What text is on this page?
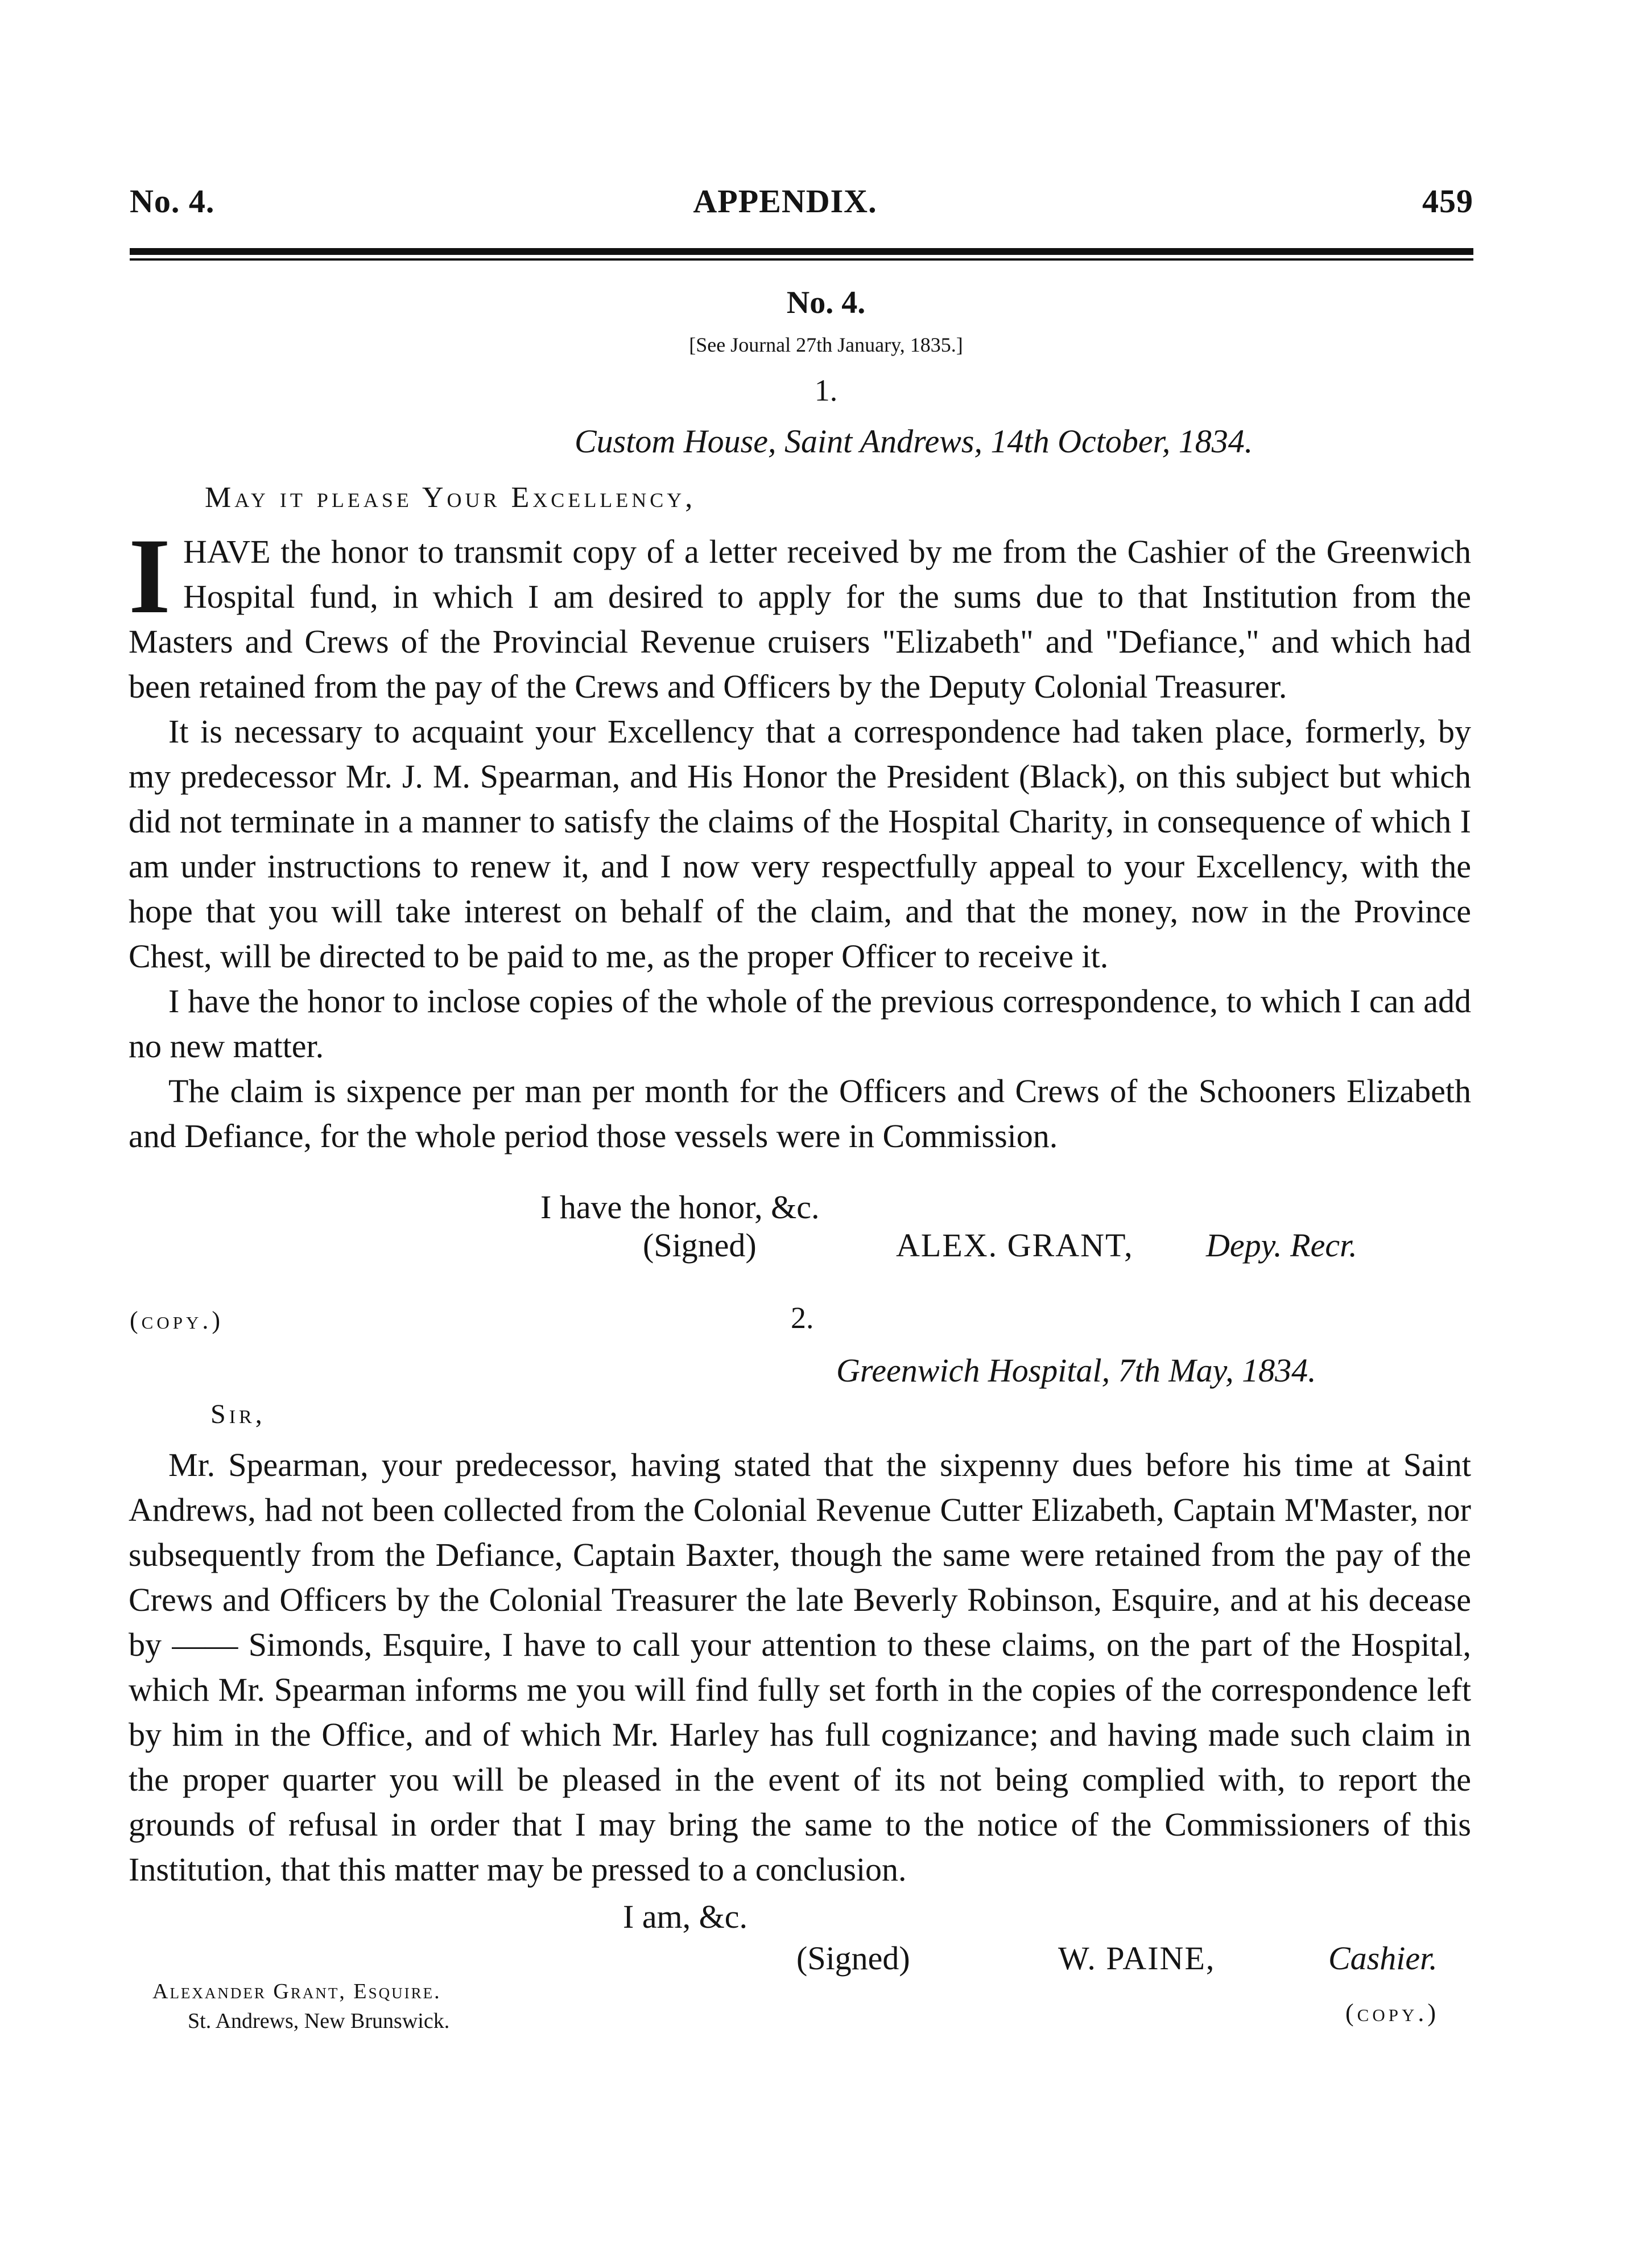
No. 4.	APPENDIX.	459
No. 4.
[See Journal 27th January, 1835.]
1.
Custom House, Saint Andrews, 14th October, 1834.
May it please Your Excellency,

IHAVE the honor to transmit copy of a letter received by me from the Cashier of the Greenwich Hospital fund, in which I am desired to apply for the sums due to that Institution from the Masters and Crews of the Provincial Revenue cruisers "Elizabeth" and "Defiance," and which had been retained from the pay of the Crews and Officers by the Deputy Colonial Treasurer.

It is necessary to acquaint your Excellency that a correspondence had taken place, formerly, by my predecessor Mr. J. M. Spearman, and His Honor the President (Black), on this subject but which did not terminate in a manner to satisfy the claims of the Hospital Charity, in consequence of which I am under instructions to renew it, and I now very respectfully appeal to your Excellency, with the hope that you will take interest on behalf of the claim, and that the money, now in the Province Chest, will be directed to be paid to me, as the proper Officer to receive it.

I have the honor to inclose copies of the whole of the previous correspondence, to which I can add no new matter.

The claim is sixpence per man per month for the Officers and Crews of the Schooners Elizabeth and Defiance, for the whole period those vessels were in Commission.

I have the honor, &c.
(Signed)	ALEX. GRANT, Depy. Recr.
(copy.)	2.
Greenwich Hospital, 7th May, 1834.
Sir,

Mr. Spearman, your predecessor, having stated that the sixpenny dues before his time at Saint Andrews, had not been collected from the Colonial Revenue Cutter Elizabeth, Captain M'Master, nor subsequently from the Defiance, Captain Baxter, though the same were retained from the pay of the Crews and Officers by the Colonial Treasurer the late Beverly Robinson, Esquire, and at his decease by —— Simonds, Esquire, I have to call your attention to these claims, on the part of the Hospital, which Mr. Spearman informs me you will find fully set forth in the copies of the correspondence left by him in the Office, and of which Mr. Harley has full cognizance; and having made such claim in the proper quarter you will be pleased in the event of its not being complied with, to report the grounds of refusal in order that I may bring the same to the notice of the Commissioners of this Institution, that this matter may be pressed to a conclusion.

I am, &c.
(Signed)	W. PAINE,	Cashier.
Alexander Grant, Esquire.
St. Andrews, New Brunswick.	(copy.)
